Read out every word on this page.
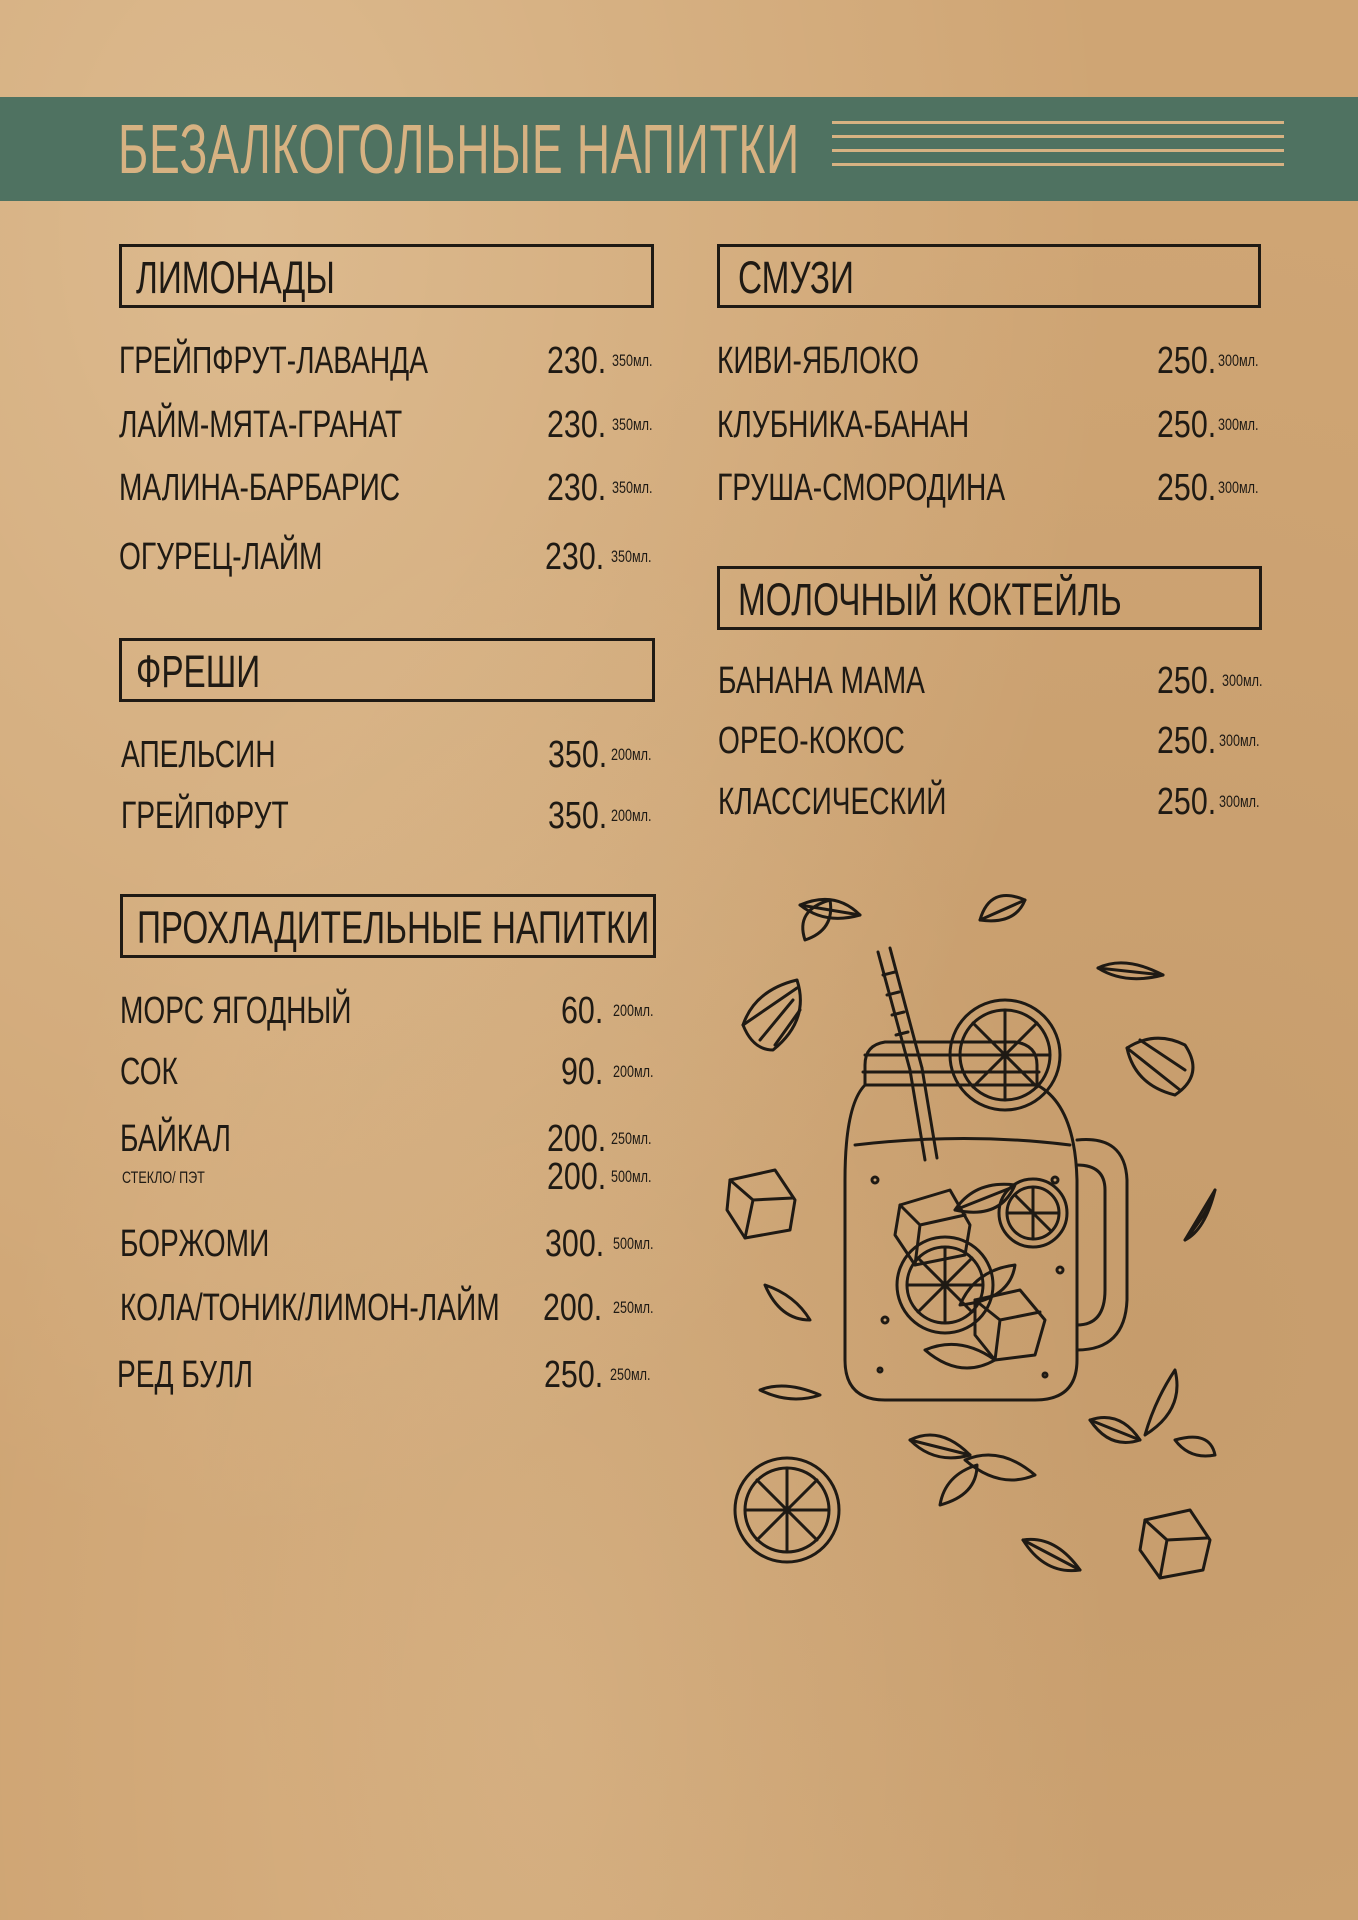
БЕЗАЛКОГОЛЬНЫЕ НАПИТКИ
ЛИМОНАДЫ
ГРЕЙПФРУТ-ЛАВАНДА	230. 350мл.
ЛАЙМ-МЯТА-ГРАНАТ	230. 350мл.
МАЛИНА-БАРБАРИС	230. 350мл.
ОГУРЕЦ-ЛАЙМ	230. 350мл.
ФРЕШИ
АПЕЛЬСИН	350. 200мл.
ГРЕЙПФРУТ	350. 200мл.
ПРОХЛАДИТЕЛЬНЫЕ НАПИТКИ
МОРС ЯГОДНЫЙ	60. 200мл.
СОК	90. 200мл.
БАЙКАЛ	200. 250мл.
СТЕКЛО/ ПЭТ	200. 500мл.
БОРЖОМИ	300. 500мл.
КОЛА/ТОНИК/ЛИМОН-ЛАЙМ	200. 250мл.
РЕД БУЛЛ	250. 250мл.
СМУЗИ
КИВИ-ЯБЛОКО	250. 300мл.
КЛУБНИКА-БАНАН	250. 300мл.
ГРУША-СМОРОДИНА	250. 300мл.
МОЛОЧНЫЙ КОКТЕЙЛЬ
БАНАНА МАМА	250. 300мл.
ОРЕО-КОКОС	250. 300мл.
КЛАССИЧЕСКИЙ	250. 300мл.
